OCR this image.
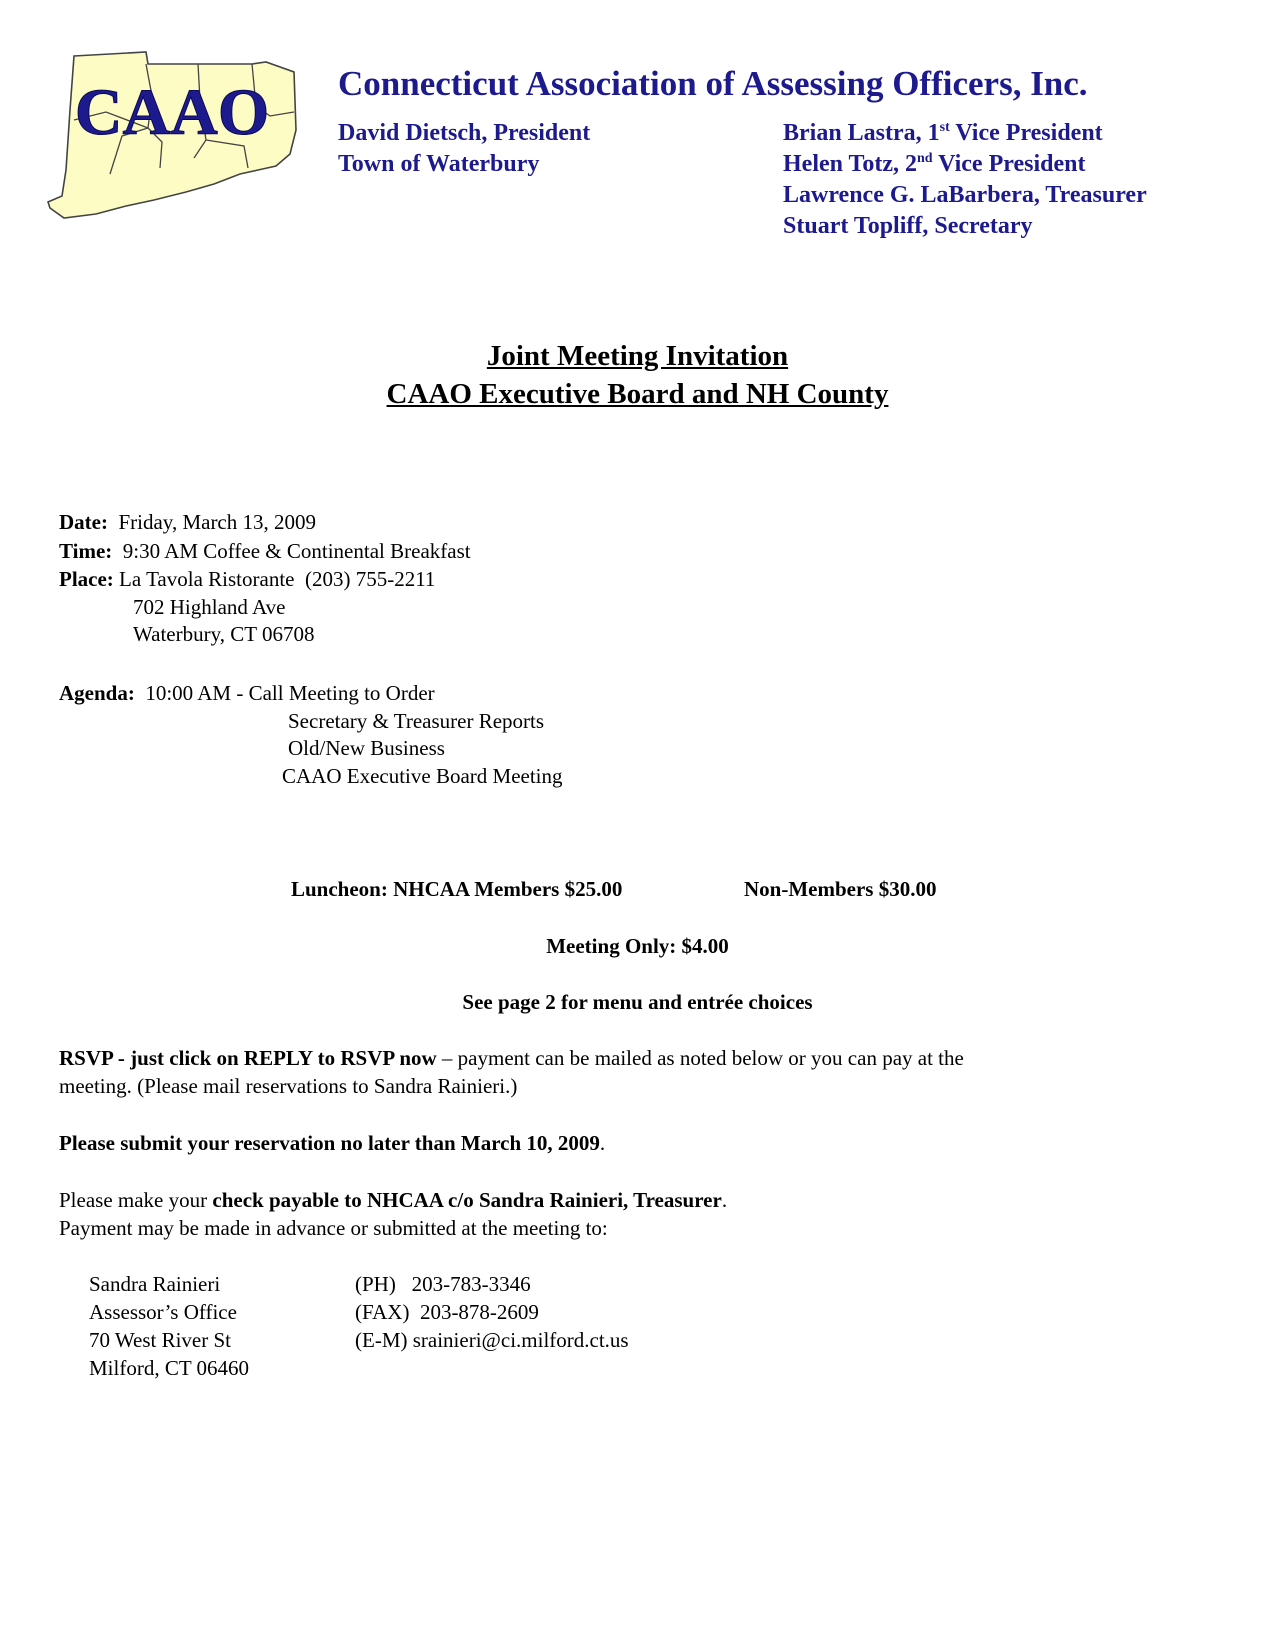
CAAO Connecticut Association of Assessing Officers, Inc.
David Dietsch, President
Town of Waterbury
Brian Lastra, 1st Vice President
Helen Totz, 2nd Vice President
Lawrence G. LaBarbera, Treasurer
Stuart Topliff, Secretary
Joint Meeting Invitation
CAAO Executive Board and NH County
Date: Friday, March 13, 2009
Time: 9:30 AM Coffee & Continental Breakfast
Place: La Tavola Ristorante  (203) 755-2211
702 Highland Ave
Waterbury, CT 06708
Agenda: 10:00 AM - Call Meeting to Order
Secretary & Treasurer Reports
Old/New Business
CAAO Executive Board Meeting
Luncheon: NHCAA Members $25.00	Non-Members $30.00
Meeting Only: $4.00
See page 2 for menu and entrée choices
RSVP - just click on REPLY to RSVP now – payment can be mailed as noted below or you can pay at the
meeting. (Please mail reservations to Sandra Rainieri.)
Please submit your reservation no later than March 10, 2009.
Please make your check payable to NHCAA c/o Sandra Rainieri, Treasurer.
Payment may be made in advance or submitted at the meeting to:
Sandra Rainieri
Assessor’s Office
70 West River St
Milford, CT 06460
(PH)   203-783-3346
(FAX)  203-878-2609
(E-M) srainieri@ci.milford.ct.us
